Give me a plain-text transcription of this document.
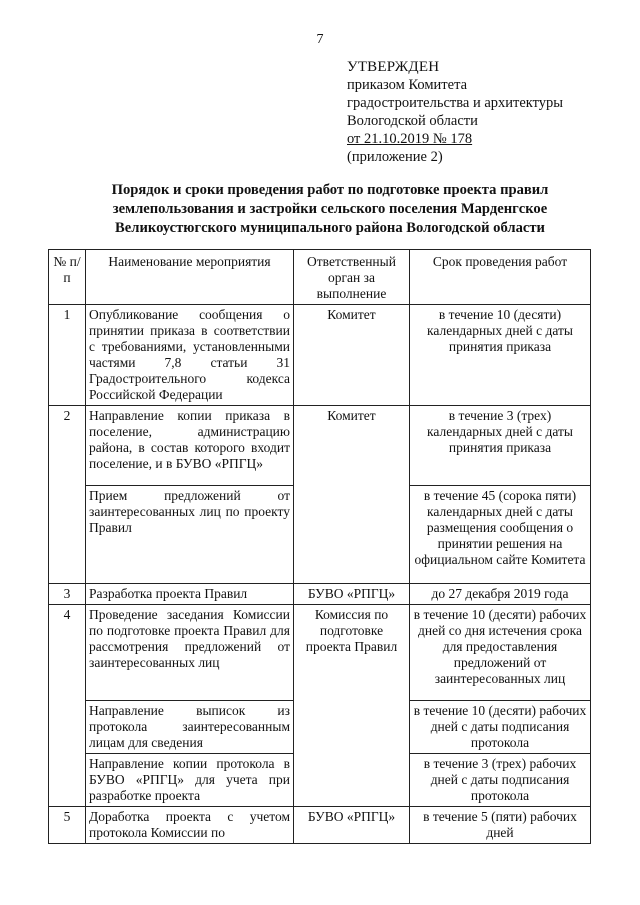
7
УТВЕРЖДЕН
приказом Комитета
градостроительства и архитектуры
Вологодской области
от 21.10.2019 № 178
(приложение 2)
Порядок и сроки проведения работ по подготовке проекта правил
землепользования и застройки сельского поселения Марденгское
Великоустюгского муниципального района Вологодской области
№ п/п	Наименование мероприятия	Ответственный орган за выполнение	Срок проведения работ
1	Опубликование сообщения о принятии приказа в соответствии с требованиями, установленными частями 7,8 статьи 31 Градостроительного кодекса Российской Федерации	Комитет	в течение 10 (десяти) календарных дней с даты принятия приказа
2	Направление копии приказа в поселение, администрацию района, в состав которого входит поселение, и в БУВО «РПГЦ»	Комитет	в течение 3 (трех) календарных дней с даты принятия приказа
	Прием предложений от заинтересованных лиц по проекту Правил		в течение 45 (сорока пяти) календарных дней с даты размещения сообщения о принятии решения на официальном сайте Комитета
3	Разработка проекта Правил	БУВО «РПГЦ»	до 27 декабря 2019 года
4	Проведение заседания Комиссии по подготовке проекта Правил для рассмотрения предложений от заинтересованных лиц	Комиссия по подготовке проекта Правил	в течение 10 (десяти) рабочих дней со дня истечения срока для предоставления предложений от заинтересованных лиц
	Направление выписок из протокола заинтересованным лицам для сведения		в течение 10 (десяти) рабочих дней с даты подписания протокола
	Направление копии протокола в БУВО «РПГЦ» для учета при разработке проекта		в течение 3 (трех) рабочих дней с даты подписания протокола
5	Доработка проекта с учетом протокола Комиссии по	БУВО «РПГЦ»	в течение 5 (пяти) рабочих дней
